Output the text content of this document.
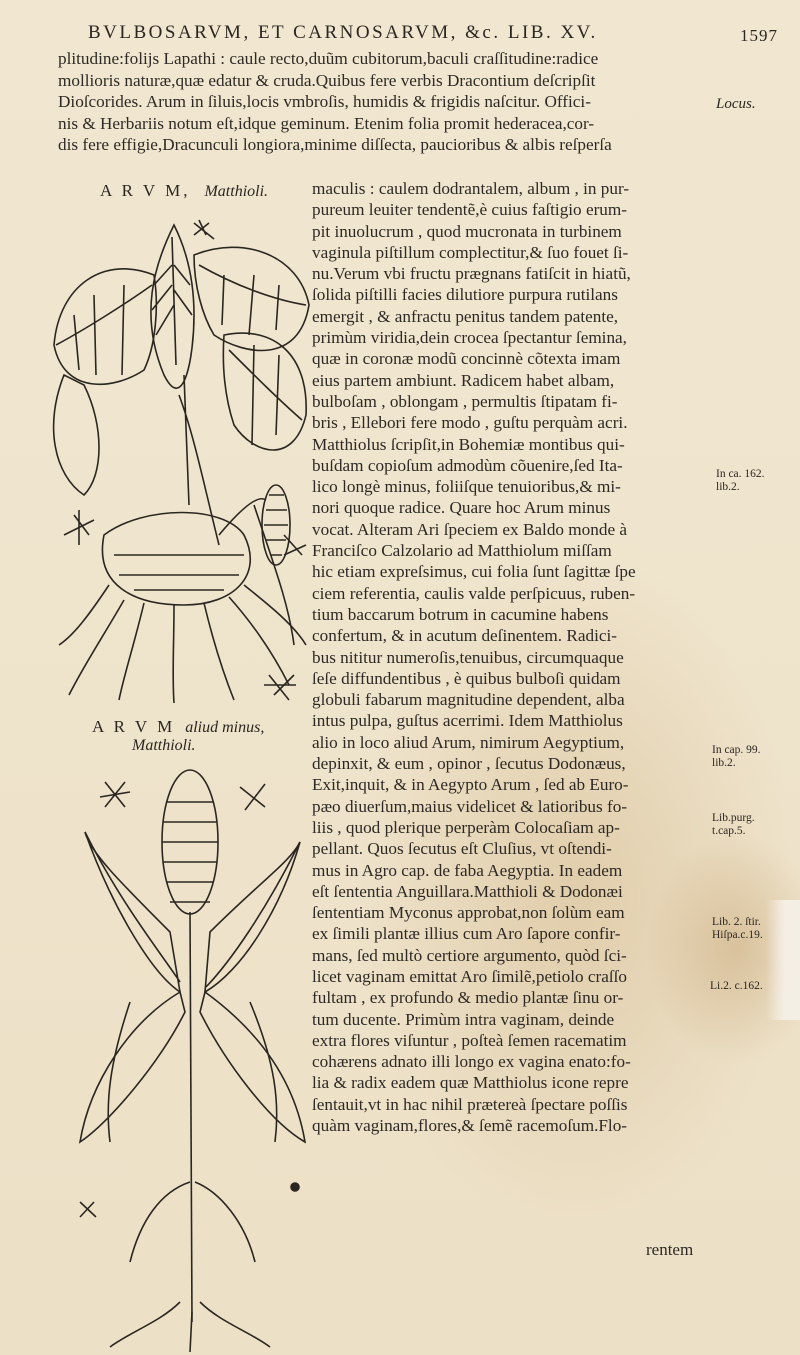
BVLBOSARVM, ET CARNOSARVM, &c. LIB. XV.	1597

plitudine:folijs Lapathi : caule recto,duũm cubitorum,baculi craſſitudine:radice

mollioris naturæ,quæ edatur & cruda.Quibus fere verbis Dracontium deſcripſit

Dioſcorides. Arum in ſiluis,locis vmbroſis, humidis & frigidis naſcitur. Offici-

nis & Herbariis notum eſt,idque geminum. Etenim folia promit hederacea,cor-

dis fere effigie,Dracunculi longiora,minime diſſecta, paucioribus & albis reſperſa

Locus.
A R V M, Matthioli.
A R V M aliud minus,
Matthioli.

maculis : caulem dodrantalem, album , in pur-

pureum leuiter tendentẽ,è cuius faſtigio erum-

pit inuolucrum , quod mucronata in turbinem

vaginula piſtillum complectitur,& ſuo fouet ſi-

nu.Verum vbi fructu prægnans fatiſcit in hiatũ,

ſolida piſtilli facies dilutiore purpura rutilans

emergit , & anfractu penitus tandem patente,

primùm viridia,dein crocea ſpectantur ſemina,

quæ in coronæ modũ concinnè cõtexta imam

eius partem ambiunt. Radicem habet albam,

bulboſam , oblongam , permultis ſtipatam fi-

bris , Ellebori fere modo , guſtu perquàm acri.

Matthiolus ſcripſit,in Bohemiæ montibus qui-

buſdam copioſum admodùm cõuenire,ſed Ita-

lico longè minus, foliiſque tenuioribus,& mi-

nori quoque radice. Quare hoc Arum minus

vocat. Alteram Ari ſpeciem ex Baldo monde à

Franciſco Calzolario ad Matthiolum miſſam

hic etiam expreſsimus, cui folia ſunt ſagittæ ſpe

ciem referentia, caulis valde perſpicuus, ruben-

tium baccarum botrum in cacumine habens

confertum, & in acutum deſinentem. Radici-

bus nititur numeroſis,tenuibus, circumquaque

ſeſe diffundentibus , è quibus bulboſi quidam

globuli fabarum magnitudine dependent, alba

intus pulpa, guſtus acerrimi. Idem Matthiolus

alio in loco aliud Arum, nimirum Aegyptium,

depinxit, & eum , opinor , ſecutus Dodonæus,

Exit,inquit, & in Aegypto Arum , ſed ab Euro-

pæo diuerſum,maius videlicet & latioribus fo-

liis , quod plerique perperàm Colocaſiam ap-

pellant. Quos ſecutus eſt Cluſius, vt oſtendi-

mus in Agro cap. de faba Aegyptia. In eadem

eſt ſententia Anguillara.Matthioli & Dodonæi

ſententiam Myconus approbat,non ſolùm eam

ex ſimili plantæ illius cum Aro ſapore confir-

mans, ſed multò certiore argumento, quòd ſci-

licet vaginam emittat Aro ſimilẽ,petiolo craſſo

fultam , ex profundo & medio plantæ ſinu or-

tum ducente. Primùm intra vaginam, deinde

extra flores viſuntur , poſteà ſemen racematim

cohærens adnato illi longo ex vagina enato:fo-

lia & radix eadem quæ Matthiolus icone repre

ſentauit,vt in hac nihil prætereà ſpectare poſſis

quàm vaginam,flores,& ſemẽ racemoſum.Flo-

In ca. 162.
lib.2.
In cap. 99.
lib.2.
Lib.purg.
t.cap.5.
Lib. 2. ſtir.
Hiſpa.c.19.
Li.2. c.162.
rentem
